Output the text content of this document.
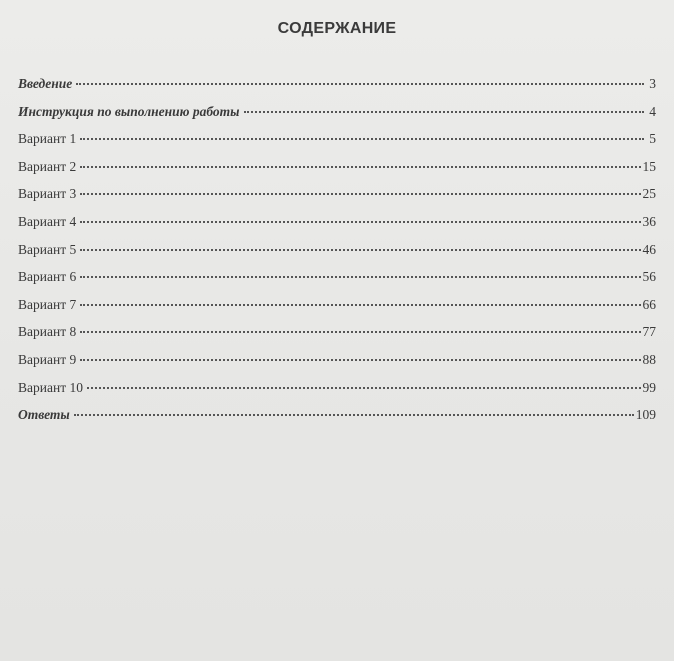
СОДЕРЖАНИЕ
Введение	3
Инструкция по выполнению работы	4
Вариант 1	5
Вариант 2	15
Вариант 3	25
Вариант 4	36
Вариант 5	46
Вариант 6	56
Вариант 7	66
Вариант 8	77
Вариант 9	88
Вариант 10	99
Ответы	109
